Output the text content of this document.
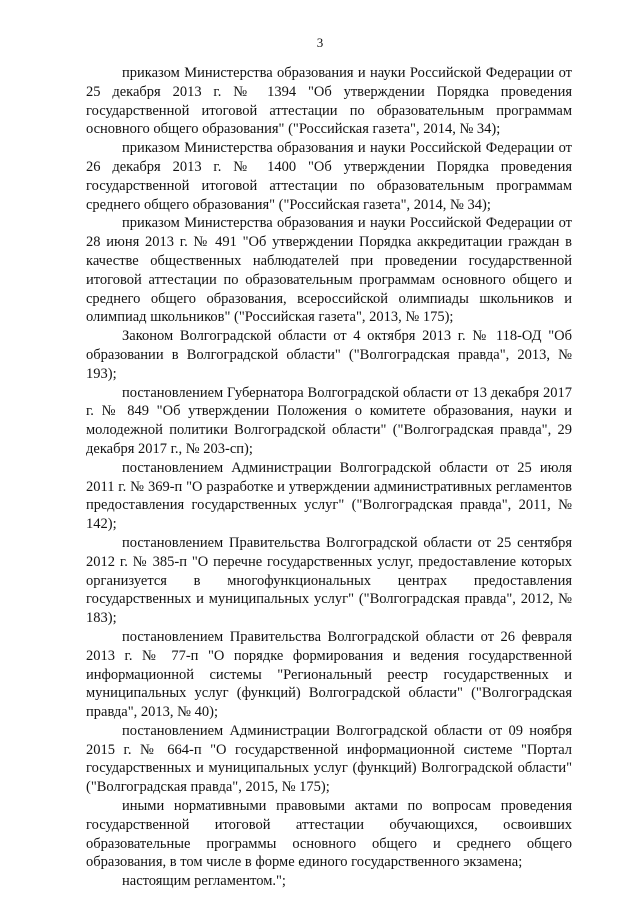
3

приказом Министерства образования и науки Российской Федерации от 25 декабря 2013 г. № 1394 "Об утверждении Порядка проведения государственной итоговой аттестации по образовательным программам основного общего образования" ("Российская газета", 2014, № 34);

приказом Министерства образования и науки Российской Федерации от 26 декабря 2013 г. № 1400 "Об утверждении Порядка проведения государственной итоговой аттестации по образовательным программам среднего общего образования" ("Российская газета", 2014, № 34);

приказом Министерства образования и науки Российской Федерации от 28 июня 2013 г. № 491 "Об утверждении Порядка аккредитации граждан в качестве общественных наблюдателей при проведении государственной итоговой аттестации по образовательным программам основного общего и среднего общего образования, всероссийской олимпиады школьников и олимпиад школьников" ("Российская газета", 2013, № 175);

Законом Волгоградской области от 4 октября 2013 г. № 118-ОД "Об образовании в Волгоградской области" ("Волгоградская правда", 2013, № 193);

постановлением Губернатора Волгоградской области от 13 декабря 2017 г. № 849 "Об утверждении Положения о комитете образования, науки и молодежной политики Волгоградской области" ("Волгоградская правда", 29 декабря 2017 г., № 203-сп);

постановлением Администрации Волгоградской области от 25 июля 2011 г. № 369-п "О разработке и утверждении административных регламентов предоставления государственных услуг" ("Волгоградская правда", 2011, № 142);

постановлением Правительства Волгоградской области от 25 сентября 2012 г. № 385-п "О перечне государственных услуг, предоставление которых организуется в многофункциональных центрах предоставления государственных и муниципальных услуг" ("Волгоградская правда", 2012, № 183);

постановлением Правительства Волгоградской области от 26 февраля 2013 г. № 77-п "О порядке формирования и ведения государственной информационной системы "Региональный реестр государственных и муниципальных услуг (функций) Волгоградской области" ("Волгоградская правда", 2013, № 40);

постановлением Администрации Волгоградской области от 09 ноября 2015 г. № 664-п "О государственной информационной системе "Портал государственных и муниципальных услуг (функций) Волгоградской области" ("Волгоградская правда", 2015, № 175);

иными нормативными правовыми актами по вопросам проведения государственной итоговой аттестации обучающихся, освоивших образовательные программы основного общего и среднего общего образования, в том числе в форме единого государственного экзамена;

настоящим регламентом.";
